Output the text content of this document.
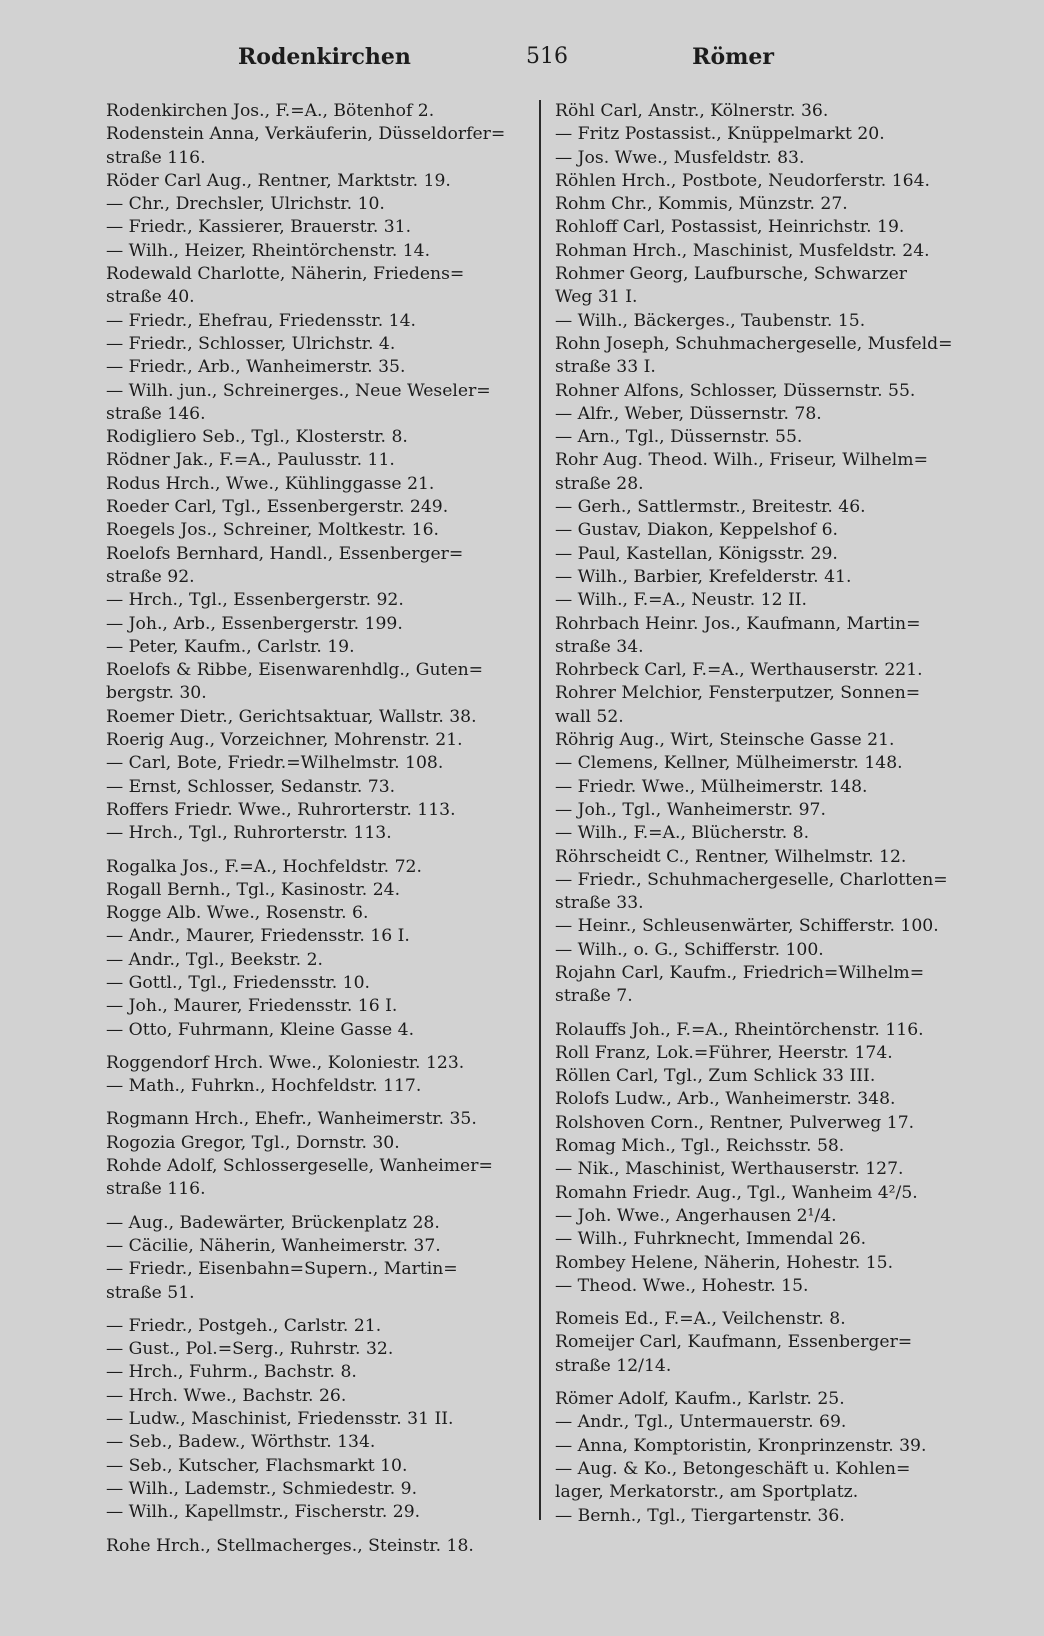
Rodenkirchen	516	Römer
Rodenkirchen Jos., F.=A., Bötenhof 2.
Rodenstein Anna, Verkäuferin, Düsseldorfer=
straße 116.
Röder Carl Aug., Rentner, Marktstr. 19.
— Chr., Drechsler, Ulrichstr. 10.
— Friedr., Kassierer, Brauerstr. 31.
— Wilh., Heizer, Rheintörchenstr. 14.
Rodewald Charlotte, Näherin, Friedens=
straße 40.
— Friedr., Ehefrau, Friedensstr. 14.
— Friedr., Schlosser, Ulrichstr. 4.
— Friedr., Arb., Wanheimerstr. 35.
— Wilh. jun., Schreinerges., Neue Weseler=
straße 146.
Rodigliero Seb., Tgl., Klosterstr. 8.
Rödner Jak., F.=A., Paulusstr. 11.
Rodus Hrch., Wwe., Kühlinggasse 21.
Roeder Carl, Tgl., Essenbergerstr. 249.
Roegels Jos., Schreiner, Moltkestr. 16.
Roelofs Bernhard, Handl., Essenberger=
straße 92.
— Hrch., Tgl., Essenbergerstr. 92.
— Joh., Arb., Essenbergerstr. 199.
— Peter, Kaufm., Carlstr. 19.
Roelofs & Ribbe, Eisenwarenhdlg., Guten=
bergstr. 30.
Roemer Dietr., Gerichtsaktuar, Wallstr. 38.
Roerig Aug., Vorzeichner, Mohrenstr. 21.
— Carl, Bote, Friedr.=Wilhelmstr. 108.
— Ernst, Schlosser, Sedanstr. 73.
Roffers Friedr. Wwe., Ruhrorterstr. 113.
— Hrch., Tgl., Ruhrorterstr. 113.
Rogalka Jos., F.=A., Hochfeldstr. 72.
Rogall Bernh., Tgl., Kasinostr. 24.
Rogge Alb. Wwe., Rosenstr. 6.
— Andr., Maurer, Friedensstr. 16 I.
— Andr., Tgl., Beekstr. 2.
— Gottl., Tgl., Friedensstr. 10.
— Joh., Maurer, Friedensstr. 16 I.
— Otto, Fuhrmann, Kleine Gasse 4.
Roggendorf Hrch. Wwe., Koloniestr. 123.
— Math., Fuhrkn., Hochfeldstr. 117.
Rogmann Hrch., Ehefr., Wanheimerstr. 35.
Rogozia Gregor, Tgl., Dornstr. 30.
Rohde Adolf, Schlossergeselle, Wanheimer=
straße 116.
— Aug., Badewärter, Brückenplatz 28.
— Cäcilie, Näherin, Wanheimerstr. 37.
— Friedr., Eisenbahn=Supern., Martin=
straße 51.
— Friedr., Postgeh., Carlstr. 21.
— Gust., Pol.=Serg., Ruhrstr. 32.
— Hrch., Fuhrm., Bachstr. 8.
— Hrch. Wwe., Bachstr. 26.
— Ludw., Maschinist, Friedensstr. 31 II.
— Seb., Badew., Wörthstr. 134.
— Seb., Kutscher, Flachsmarkt 10.
— Wilh., Lademstr., Schmiedestr. 9.
— Wilh., Kapellmstr., Fischerstr. 29.
Rohe Hrch., Stellmacherges., Steinstr. 18.
Röhl Carl, Anstr., Kölnerstr. 36.
— Fritz Postassist., Knüppelmarkt 20.
— Jos. Wwe., Musfeldstr. 83.
Röhlen Hrch., Postbote, Neudorferstr. 164.
Rohm Chr., Kommis, Münzstr. 27.
Rohloff Carl, Postassist, Heinrichstr. 19.
Rohman Hrch., Maschinist, Musfeldstr. 24.
Rohmer Georg, Laufbursche, Schwarzer
Weg 31 I.
— Wilh., Bäckerges., Taubenstr. 15.
Rohn Joseph, Schuhmachergeselle, Musfeld=
straße 33 I.
Rohner Alfons, Schlosser, Düssernstr. 55.
— Alfr., Weber, Düssernstr. 78.
— Arn., Tgl., Düssernstr. 55.
Rohr Aug. Theod. Wilh., Friseur, Wilhelm=
straße 28.
— Gerh., Sattlermstr., Breitestr. 46.
— Gustav, Diakon, Keppelshof 6.
— Paul, Kastellan, Königsstr. 29.
— Wilh., Barbier, Krefelderstr. 41.
— Wilh., F.=A., Neustr. 12 II.
Rohrbach Heinr. Jos., Kaufmann, Martin=
straße 34.
Rohrbeck Carl, F.=A., Werthauserstr. 221.
Rohrer Melchior, Fensterputzer, Sonnen=
wall 52.
Röhrig Aug., Wirt, Steinsche Gasse 21.
— Clemens, Kellner, Mülheimerstr. 148.
— Friedr. Wwe., Mülheimerstr. 148.
— Joh., Tgl., Wanheimerstr. 97.
— Wilh., F.=A., Blücherstr. 8.
Röhrscheidt C., Rentner, Wilhelmstr. 12.
— Friedr., Schuhmachergeselle, Charlotten=
straße 33.
— Heinr., Schleusenwärter, Schifferstr. 100.
— Wilh., o. G., Schifferstr. 100.
Rojahn Carl, Kaufm., Friedrich=Wilhelm=
straße 7.
Rolauffs Joh., F.=A., Rheintörchenstr. 116.
Roll Franz, Lok.=Führer, Heerstr. 174.
Röllen Carl, Tgl., Zum Schlick 33 III.
Rolofs Ludw., Arb., Wanheimerstr. 348.
Rolshoven Corn., Rentner, Pulverweg 17.
Romag Mich., Tgl., Reichsstr. 58.
— Nik., Maschinist, Werthauserstr. 127.
Romahn Friedr. Aug., Tgl., Wanheim 4²/5.
— Joh. Wwe., Angerhausen 2¹/4.
— Wilh., Fuhrknecht, Immendal 26.
Rombey Helene, Näherin, Hohestr. 15.
— Theod. Wwe., Hohestr. 15.
Romeis Ed., F.=A., Veilchenstr. 8.
Romeijer Carl, Kaufmann, Essenberger=
straße 12/14.
Römer Adolf, Kaufm., Karlstr. 25.
— Andr., Tgl., Untermauerstr. 69.
— Anna, Komptoristin, Kronprinzenstr. 39.
— Aug. & Ko., Betongeschäft u. Kohlen=
lager, Merkatorstr., am Sportplatz.
— Bernh., Tgl., Tiergartenstr. 36.
